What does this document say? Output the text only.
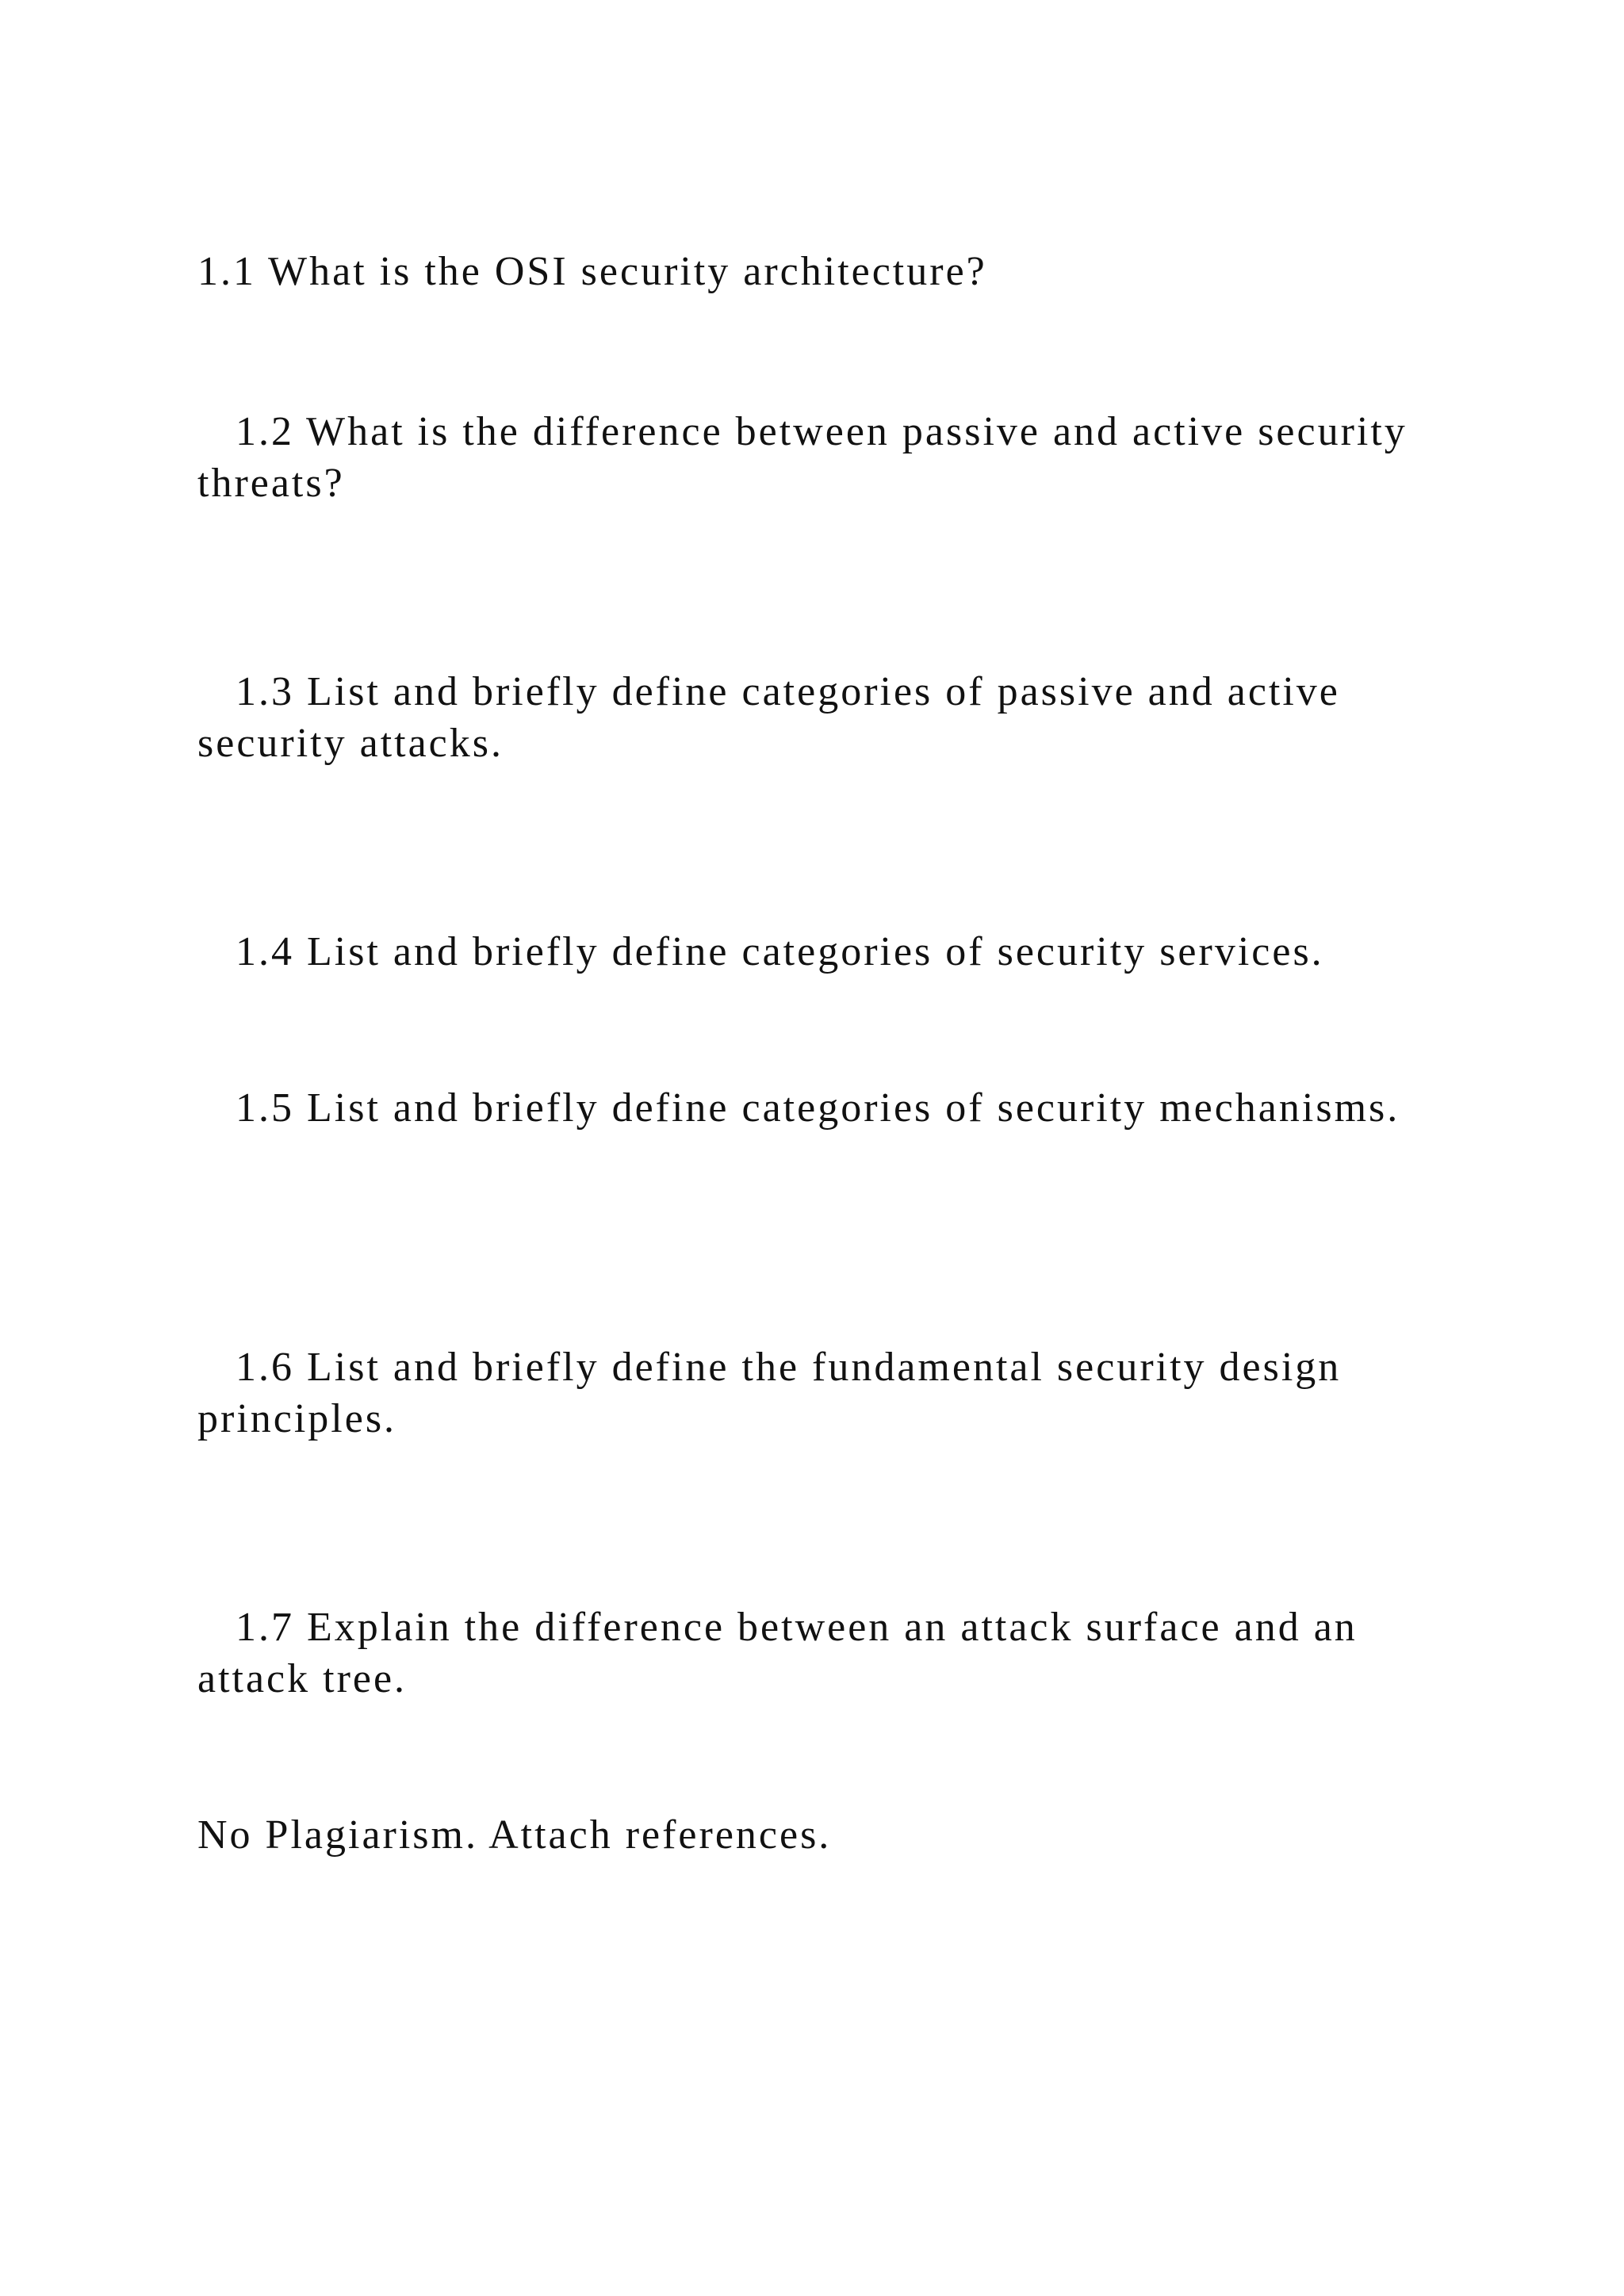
1.1 What is the OSI security architecture?

1.2 What is the difference between passive and active security threats?

1.3 List and briefly define categories of passive and active security attacks.

1.4 List and briefly define categories of security services.

1.5 List and briefly define categories of security mechanisms.

1.6 List and briefly define the fundamental security design principles.

1.7 Explain the difference between an attack surface and an attack tree.

No Plagiarism. Attach references.
